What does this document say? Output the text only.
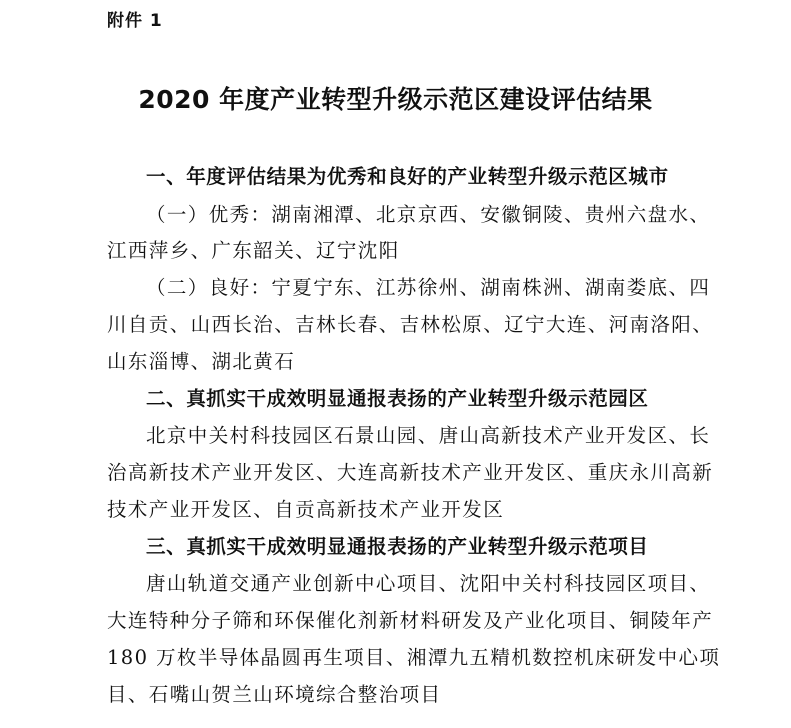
附件 1
2020 年度产业转型升级示范区建设评估结果
一、年度评估结果为优秀和良好的产业转型升级示范区城市
（一）优秀：湖南湘潭、北京京西、安徽铜陵、贵州六盘水、
江西萍乡、广东韶关、辽宁沈阳
（二）良好：宁夏宁东、江苏徐州、湖南株洲、湖南娄底、四
川自贡、山西长治、吉林长春、吉林松原、辽宁大连、河南洛阳、
山东淄博、湖北黄石
二、真抓实干成效明显通报表扬的产业转型升级示范园区
北京中关村科技园区石景山园、唐山高新技术产业开发区、长
治高新技术产业开发区、大连高新技术产业开发区、重庆永川高新
技术产业开发区、自贡高新技术产业开发区
三、真抓实干成效明显通报表扬的产业转型升级示范项目
唐山轨道交通产业创新中心项目、沈阳中关村科技园区项目、
大连特种分子筛和环保催化剂新材料研发及产业化项目、铜陵年产
180 万枚半导体晶圆再生项目、湘潭九五精机数控机床研发中心项
目、石嘴山贺兰山环境综合整治项目
